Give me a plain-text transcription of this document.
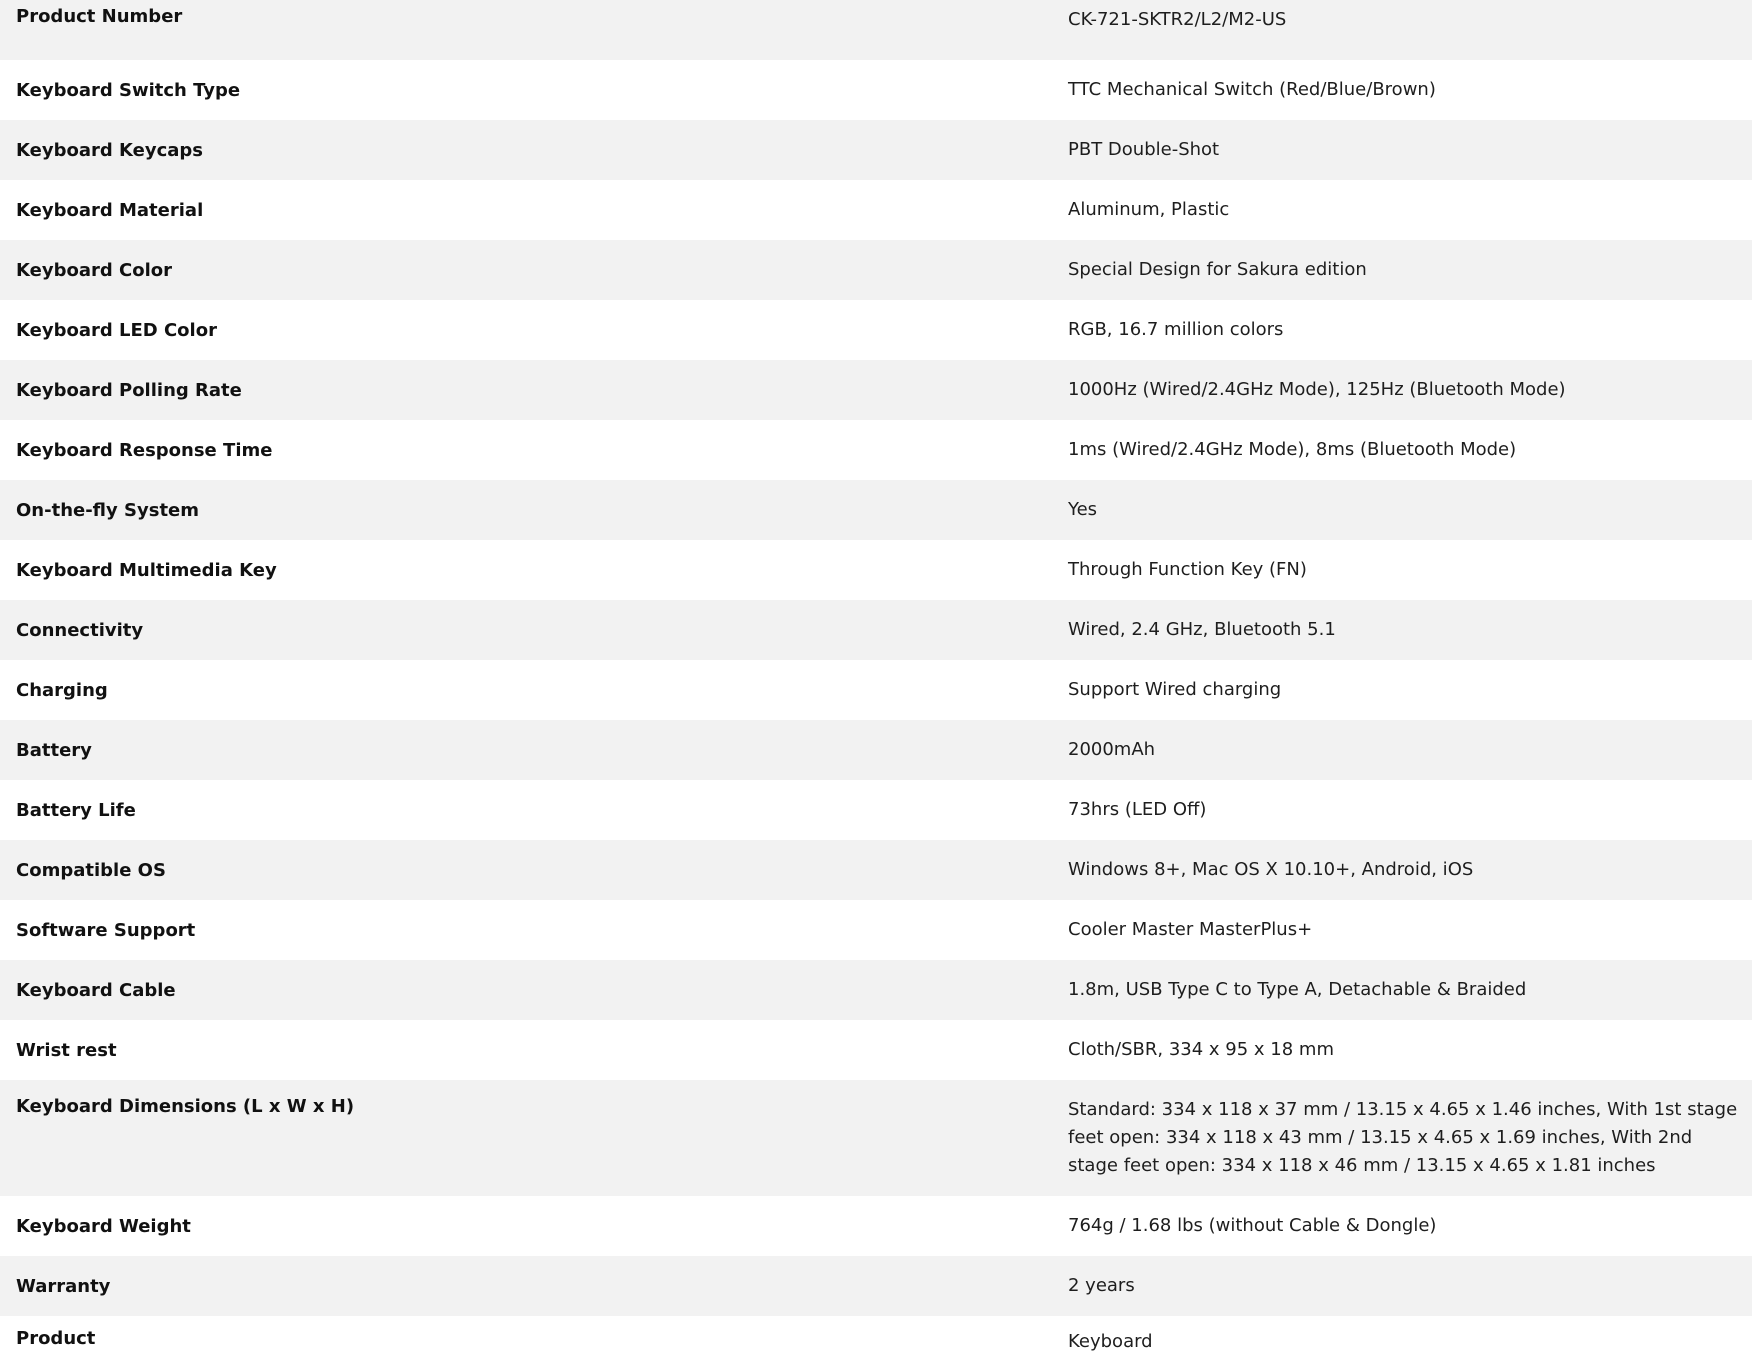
Product Number	CK-721-SKTR2/L2/M2-US
Keyboard Switch Type	TTC Mechanical Switch (Red/Blue/Brown)
Keyboard Keycaps	PBT Double-Shot
Keyboard Material	Aluminum, Plastic
Keyboard Color	Special Design for Sakura edition
Keyboard LED Color	RGB, 16.7 million colors
Keyboard Polling Rate	1000Hz (Wired/2.4GHz Mode), 125Hz (Bluetooth Mode)
Keyboard Response Time	1ms (Wired/2.4GHz Mode), 8ms (Bluetooth Mode)
On-the-fly System	Yes
Keyboard Multimedia Key	Through Function Key (FN)
Connectivity	Wired, 2.4 GHz, Bluetooth 5.1
Charging	Support Wired charging
Battery	2000mAh
Battery Life	73hrs (LED Off)
Compatible OS	Windows 8+, Mac OS X 10.10+, Android, iOS
Software Support	Cooler Master MasterPlus+
Keyboard Cable	1.8m, USB Type C to Type A, Detachable & Braided
Wrist rest	Cloth/SBR, 334 x 95 x 18 mm
Keyboard Dimensions (L x W x H)	Standard: 334 x 118 x 37 mm / 13.15 x 4.65 x 1.46 inches, With 1st stage feet open: 334 x 118 x 43 mm / 13.15 x 4.65 x 1.69 inches, With 2nd stage feet open: 334 x 118 x 46 mm / 13.15 x 4.65 x 1.81 inches
Keyboard Weight	764g / 1.68 lbs (without Cable & Dongle)
Warranty	2 years
Product	Keyboard
